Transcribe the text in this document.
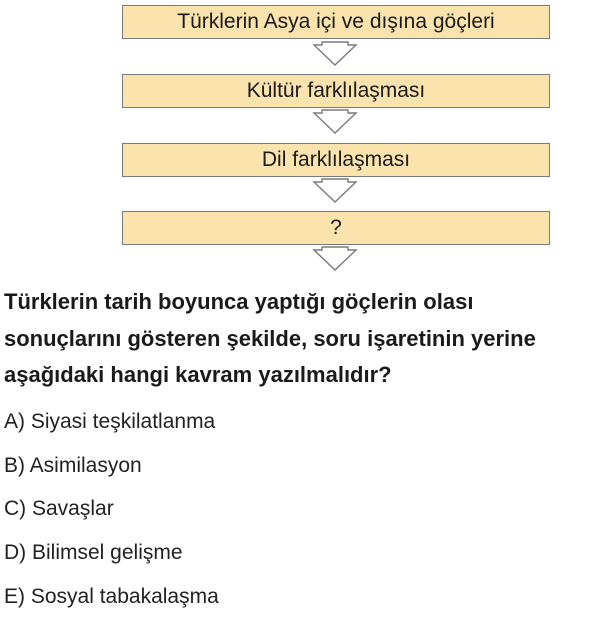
Türklerin Asya içi ve dışına göçleri
Kültür farklılaşması
Dil farklılaşması
?

Türklerin tarih boyunca yaptığı göçlerin olası
sonuçlarını gösteren şekilde, soru işaretinin yerine
aşağıdaki hangi kavram yazılmalıdır?

A) Siyasi teşkilatlanma
B) Asimilasyon
C) Savaşlar
D) Bilimsel gelişme
E) Sosyal tabakalaşma
